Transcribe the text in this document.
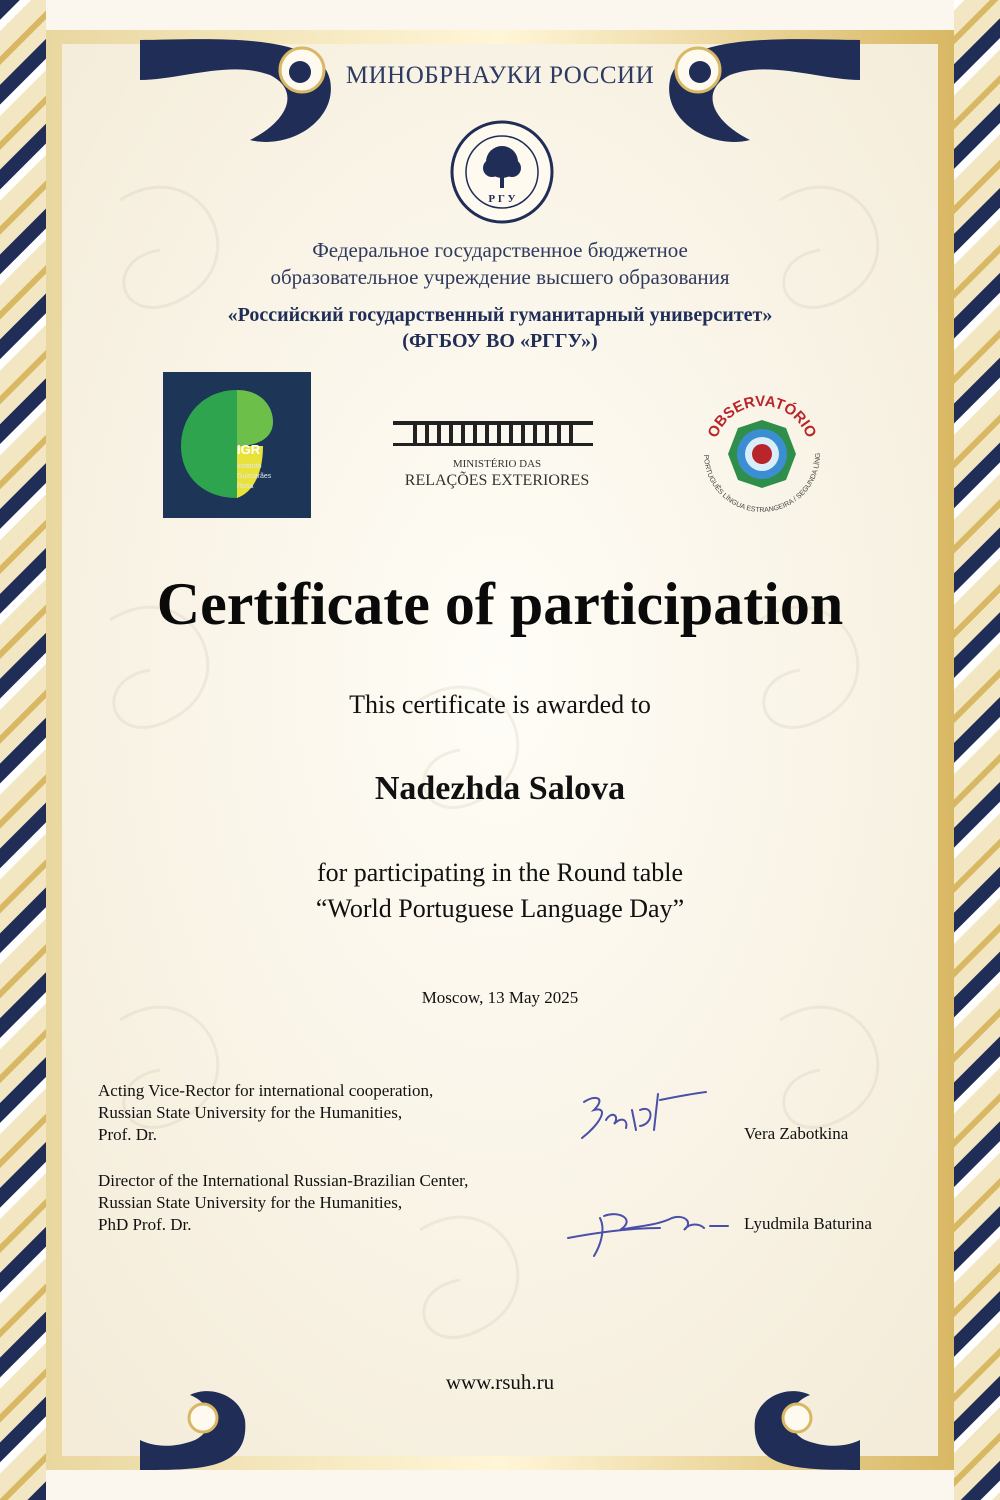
МИНОБРНАУКИ РОССИИ
Р Г У
Федеральное государственное бюджетное
образовательное учреждение высшего образования
«Российский государственный гуманитарный университет»
(ФГБОУ ВО «РГГУ»)
IGR
Instituto
Guimarães
Rosa
MINISTÉRIO DAS
RELAÇÕES EXTERIORES
OBSERVATÓRIO
PORTUGUÊS LÍNGUA ESTRANGEIRA / SEGUNDA LÍNG
Certificate of participation
This certificate is awarded to
Nadezhda Salova
for participating in the Round table
“World Portuguese Language Day”
Moscow, 13 May 2025
Acting Vice-Rector for international cooperation,
Russian State University for the Humanities,
Prof. Dr.	Vera Zabotkina
Director of the International Russian-Brazilian Center,
Russian State University for the Humanities,
PhD Prof. Dr.	Lyudmila Baturina
www.rsuh.ru
